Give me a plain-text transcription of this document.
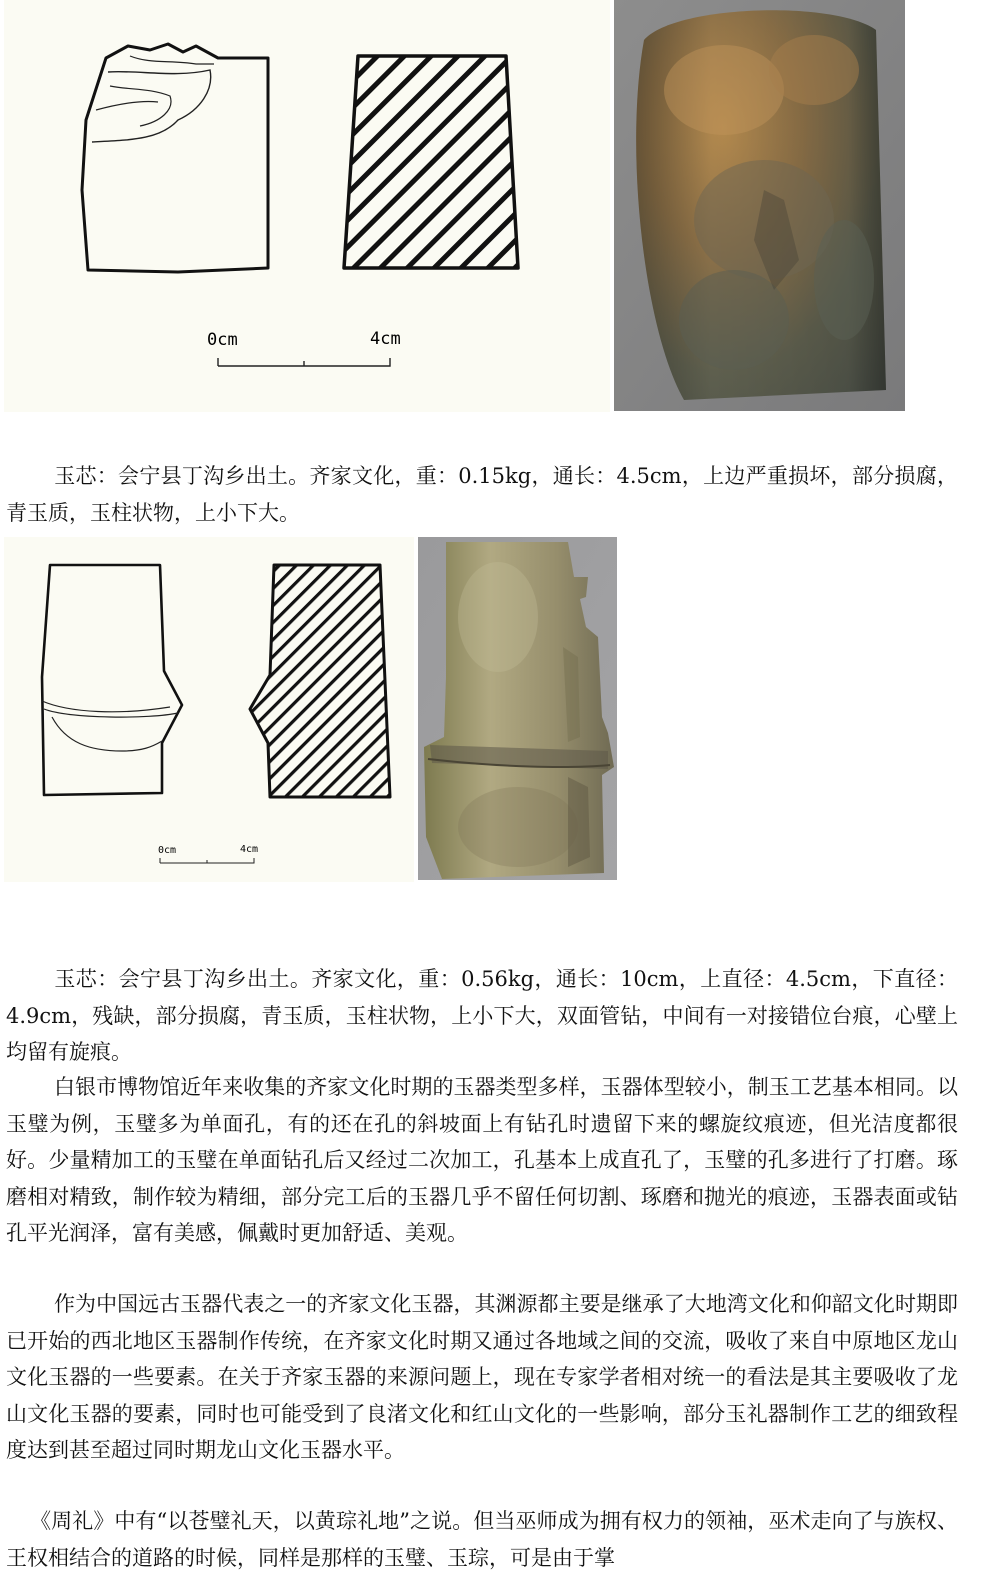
0cm	4cm

玉芯：会宁县丁沟乡出土。齐家文化，重：0.15kg，通长：4.5cm，上边严重损坏，部分损腐，青玉质，玉柱状物，上小下大。

0cm	4cm

玉芯：会宁县丁沟乡出土。齐家文化，重：0.56kg，通长：10cm，上直径：4.5cm，下直径：4.9cm，残缺，部分损腐，青玉质，玉柱状物，上小下大，双面管钻，中间有一对接错位台痕，心壁上均留有旋痕。

白银市博物馆近年来收集的齐家文化时期的玉器类型多样，玉器体型较小，制玉工艺基本相同。以玉璧为例，玉璧多为单面孔，有的还在孔的斜坡面上有钻孔时遗留下来的螺旋纹痕迹，但光洁度都很好。少量精加工的玉璧在单面钻孔后又经过二次加工，孔基本上成直孔了，玉璧的孔多进行了打磨。琢磨相对精致，制作较为精细，部分完工后的玉器几乎不留任何切割、琢磨和抛光的痕迹，玉器表面或钻孔平光润泽，富有美感，佩戴时更加舒适、美观。

作为中国远古玉器代表之一的齐家文化玉器，其渊源都主要是继承了大地湾文化和仰韶文化时期即已开始的西北地区玉器制作传统，在齐家文化时期又通过各地域之间的交流，吸收了来自中原地区龙山文化玉器的一些要素。在关于齐家玉器的来源问题上，现在专家学者相对统一的看法是其主要吸收了龙山文化玉器的要素，同时也可能受到了良渚文化和红山文化的一些影响，部分玉礼器制作工艺的细致程度达到甚至超过同时期龙山文化玉器水平。

《周礼》中有“以苍璧礼天，以黄琮礼地”之说。但当巫师成为拥有权力的领袖，巫术走向了与族权、王权相结合的道路的时候，同样是那样的玉璧、玉琮，可是由于掌
